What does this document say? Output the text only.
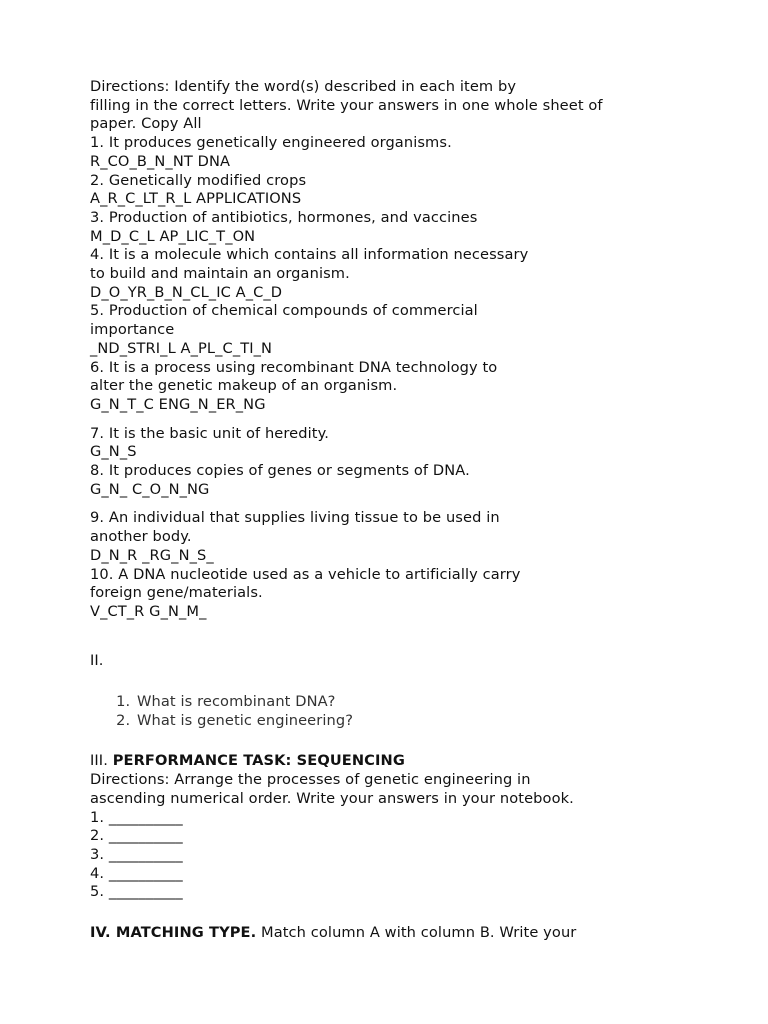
Directions: Identify the word(s) described in each item by
filling in the correct letters. Write your answers in one whole sheet of
paper. Copy All
1. It produces genetically engineered organisms.
R_CO_B_N_NT DNA
2. Genetically modified crops
A_R_C_LT_R_L APPLICATIONS
3. Production of antibiotics, hormones, and vaccines
M_D_C_L AP_LIC_T_ON
4. It is a molecule which contains all information necessary
to build and maintain an organism.
D_O_YR_B_N_CL_IC A_C_D
5. Production of chemical compounds of commercial
importance
_ND_STRI_L A_PL_C_TI_N
6. It is a process using recombinant DNA technology to
alter the genetic makeup of an organism.
G_N_T_C ENG_N_ER_NG
7. It is the basic unit of heredity.
G_N_S
8. It produces copies of genes or segments of DNA.
G_N_ C_O_N_NG
9. An individual that supplies living tissue to be used in
another body.
D_N_R _RG_N_S_
10. A DNA nucleotide used as a vehicle to artificially carry
foreign gene/materials.
V_CT_R G_N_M_
II.
1. What is recombinant DNA?
2. What is genetic engineering?
III. PERFORMANCE TASK: SEQUENCING
Directions: Arrange the processes of genetic engineering in
ascending numerical order. Write your answers in your notebook.
1. __________
2. __________
3. __________
4. __________
5. __________
IV. MATCHING TYPE. Match column A with column B. Write your
